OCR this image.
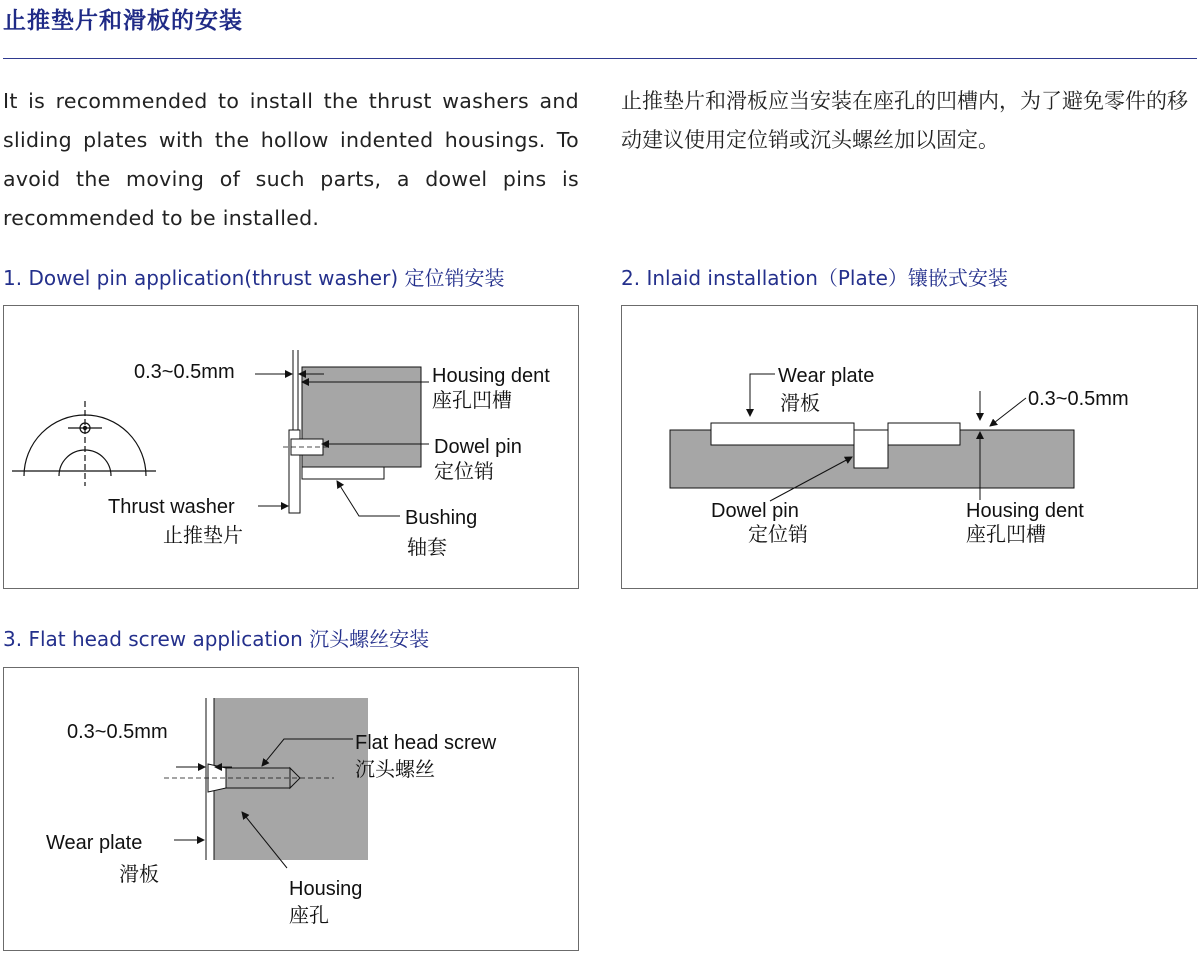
止推垫片和滑板的安装
It is recommended to install the thrust washers and sliding plates with the hollow indented housings. To avoid the moving of such parts, a dowel pins is recommended to be installed.
止推垫片和滑板应当安装在座孔的凹槽内，为了避免零件的移动建议使用定位销或沉头螺丝加以固定。
1. Dowel pin application(thrust washer) 定位销安装	2. Inlaid installation（Plate）镶嵌式安装
3. Flat head screw application 沉头螺丝安装
0.3~0.5mm	Housing dent
座孔凹槽
Dowel pin
定位销
Thrust washer
止推垫片
Bushing
轴套
Wear plate
滑板	0.3~0.5mm
Dowel pin
定位销
Housing dent
座孔凹槽
0.3~0.5mm	Flat head screw
沉头螺丝
Wear plate
滑板
Housing
座孔
